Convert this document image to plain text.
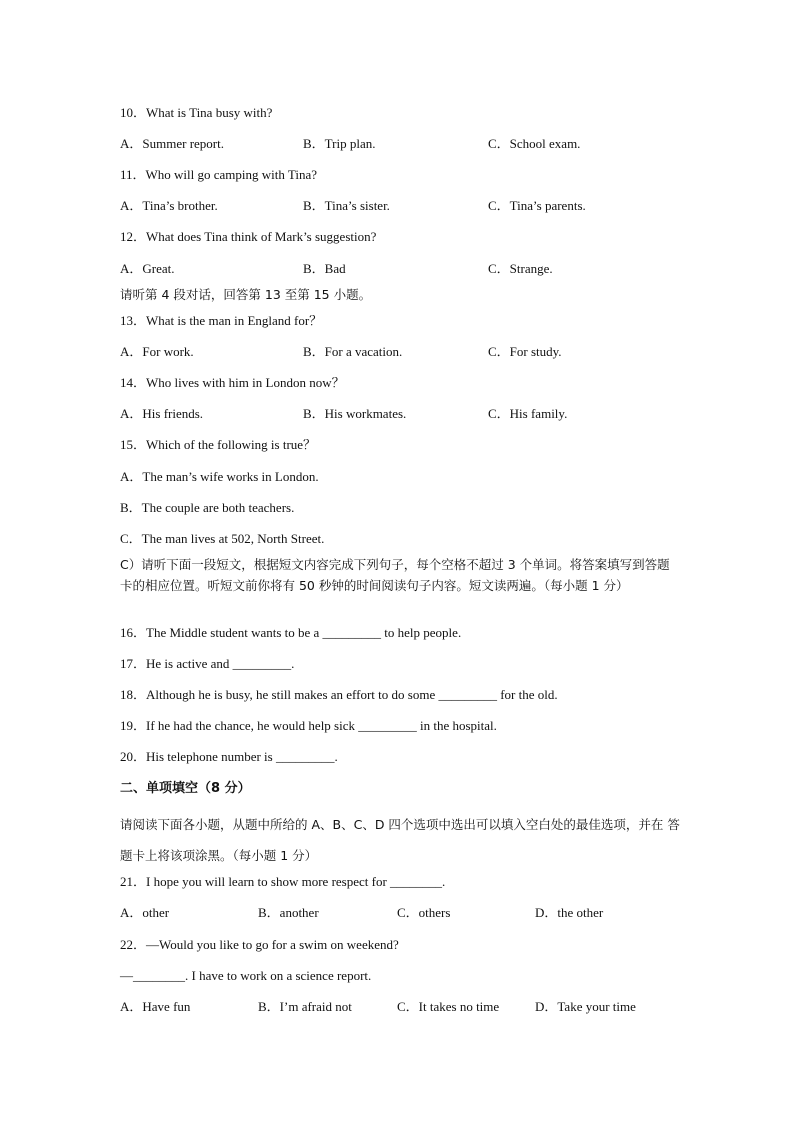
10．What is Tina busy with?
A．Summer report.	B．Trip plan.	C．School exam.
11．Who will go camping with Tina?
A．Tina’s brother.	B．Tina’s sister.	C．Tina’s parents.
12．What does Tina think of Mark’s suggestion?
A．Great.	B．Bad	C．Strange.
请听第 4 段对话，回答第 13 至第 15 小题。
13．What is the man in England for？
A．For work.	B．For a vacation.	C．For study.
14．Who lives with him in London now？
A．His friends.	B．His workmates.	C．His family.
15．Which of the following is true？
A．The man’s wife works in London.
B．The couple are both teachers.
C．The man lives at 502, North Street.
C）请听下面一段短文，根据短文内容完成下列句子，每个空格不超过 3 个单词。将答案填写到答题 卡的相应位置。听短文前你将有 50 秒钟的时间阅读句子内容。短文读两遍。（每小题 1 分）
16．The Middle student wants to be a _________ to help people.
17．He is active and _________.
18．Although he is busy, he still makes an effort to do some _________ for the old.
19．If he had the chance, he would help sick _________ in the hospital.
20．His telephone number is _________.
二、单项填空（8 分）
请阅读下面各小题，从题中所给的 A、B、C、D 四个选项中选出可以填入空白处的最佳选项，并在 答题卡上将该项涂黑。（每小题 1 分）
21．I hope you will learn to show more respect for ________.
A．other	B．another	C．others	D．the other
22．—Would you like to go for a swim on weekend?
—________. I have to work on a science report.
A．Have fun	B．I’m afraid not	C．It takes no time	D．Take your time
